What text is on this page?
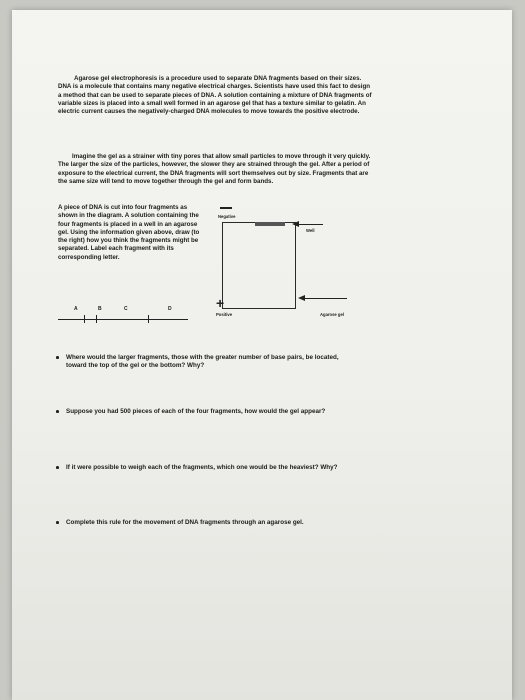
Agarose gel electrophoresis is a procedure used to separate DNA fragments based on their sizes. DNA is a molecule that contains many negative electrical charges. Scientists have used this fact to design a method that can be used to separate pieces of DNA. A solution containing a mixture of DNA fragments of variable sizes is placed into a small well formed in an agarose gel that has a texture similar to gelatin. An electric current causes the negatively-charged DNA molecules to move towards the positive electrode.
Imagine the gel as a strainer with tiny pores that allow small particles to move through it very quickly. The larger the size of the particles, however, the slower they are strained through the gel. After a period of exposure to the electrical current, the DNA fragments will sort themselves out by size. Fragments that are the same size will tend to move together through the gel and form bands.
A piece of DNA is cut into four fragments as shown in the diagram. A solution containing the four fragments is placed in a well in an agarose gel. Using the information given above, draw (to the right) how you think the fragments might be separated. Label each fragment with its corresponding letter.
Negative
Well
+
Positive	Agarose gel
A	B	C	D
Where would the larger fragments, those with the greater number of base pairs, be located, toward the top of the gel or the bottom? Why?
Suppose you had 500 pieces of each of the four fragments, how would the gel appear?
If it were possible to weigh each of the fragments, which one would be the heaviest? Why?
Complete this rule for the movement of DNA fragments through an agarose gel.
